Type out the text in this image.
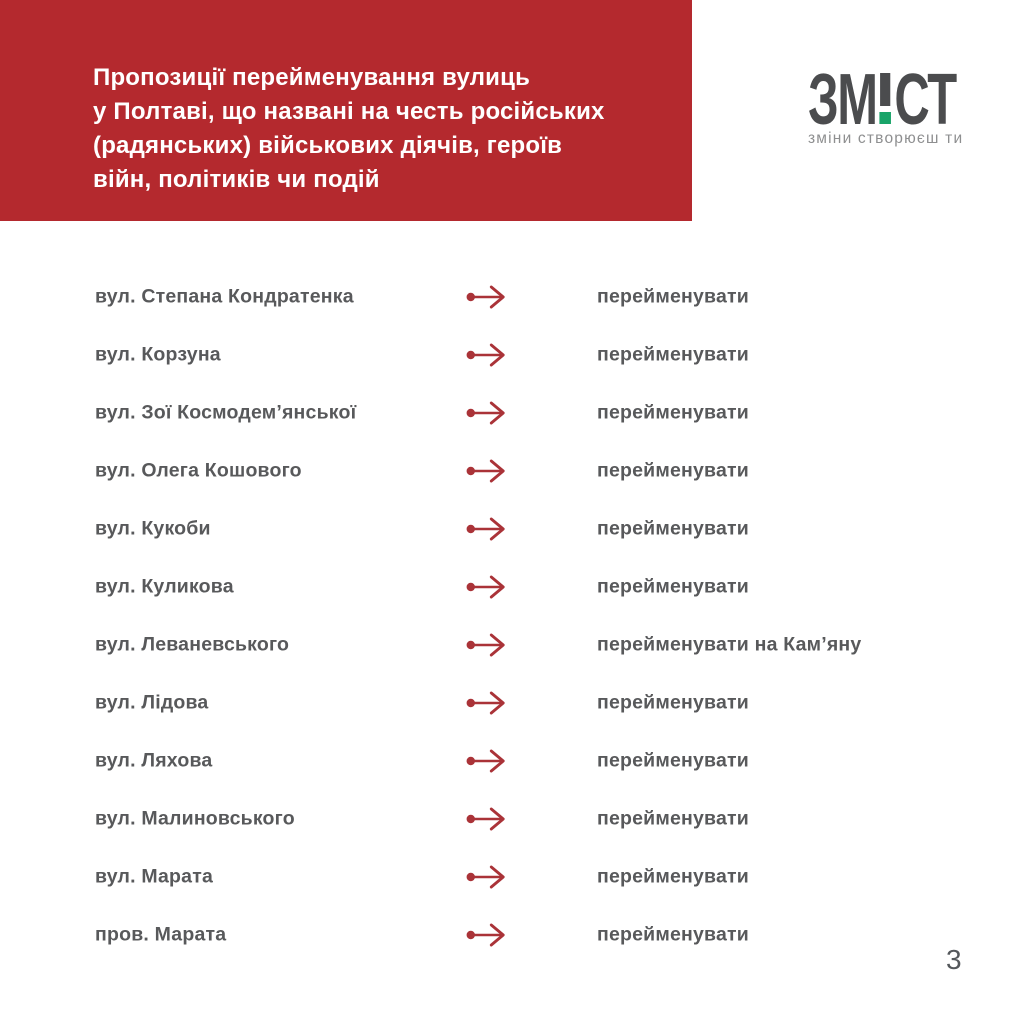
Пропозиції перейменування вулиць
у Полтаві, що названі на честь російських
(радянських) військових діячів, героїв
війн, політиків чи подій
ЗМ СТ
зміни створюєш ти
вул. Степана Кондратенка	перейменувати
вул. Корзуна	перейменувати
вул. Зої Космодем’янської	перейменувати
вул. Олега Кошового	перейменувати
вул. Кукоби	перейменувати
вул. Куликова	перейменувати
вул. Леваневського	перейменувати на Кам’яну
вул. Лідова	перейменувати
вул. Ляхова	перейменувати
вул. Малиновського	перейменувати
вул. Марата	перейменувати
пров. Марата	перейменувати
3
